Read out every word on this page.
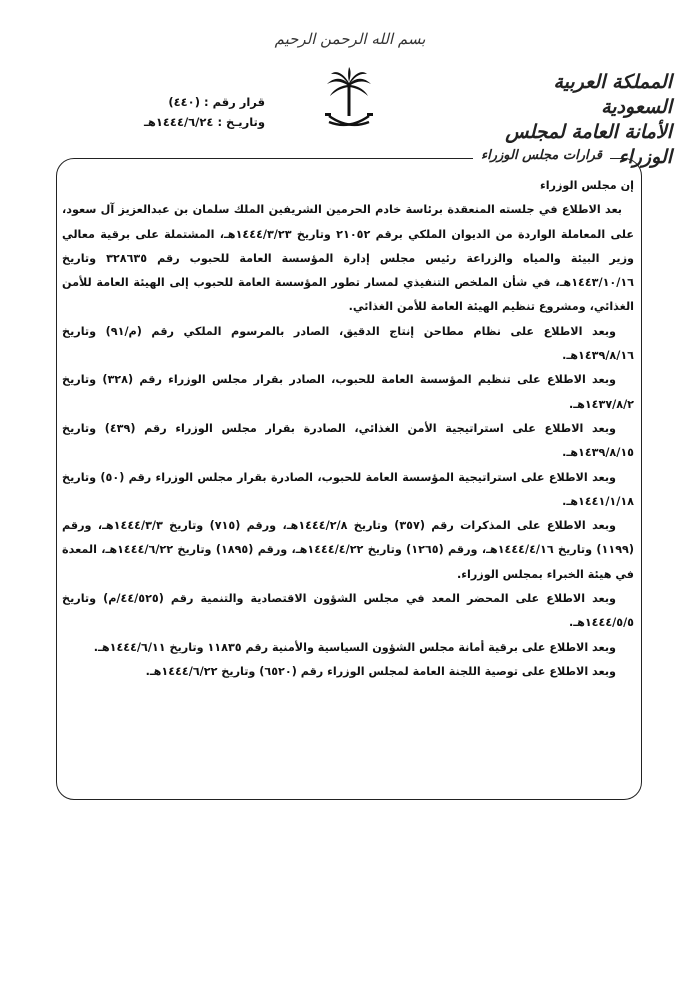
بسم الله الرحمن الرحيم
المملكة العربية السعودية
الأمانة العامة لمجلس الوزراء
قرار رقم : (٤٤٠)
وتاريـخ : ١٤٤٤/٦/٢٤هـ
قرارات مجلس الوزراء

إن مجلس الوزراء

بعد الاطلاع في جلسته المنعقدة برئاسة خادم الحرمين الشريفين الملك سلمان بن عبدالعزيز آل سعود، على المعاملة الواردة من الديوان الملكي برقم ٢١٠٥٢ وتاريخ ١٤٤٤/٣/٢٣هـ، المشتملة على برقية معالي وزير البيئة والمياه والزراعة رئيس مجلس إدارة المؤسسة العامة للحبوب رقم ٣٢٨٦٣٥ وتاريخ ١٤٤٣/١٠/١٦هـ، في شأن الملخص التنفيذي لمسار تطور المؤسسة العامة للحبوب إلى الهيئة العامة للأمن الغذائي، ومشروع تنظيم الهيئة العامة للأمن الغذائي.

وبعد الاطلاع على نظام مطاحن إنتاج الدقيق، الصادر بالمرسوم الملكي رقم (م/٩١) وتاريخ ١٤٣٩/٨/١٦هـ.

وبعد الاطلاع على تنظيم المؤسسة العامة للحبوب، الصادر بقرار مجلس الوزراء رقم (٣٢٨) وتاريخ ١٤٣٧/٨/٢هـ.

وبعد الاطلاع على استراتيجية الأمن الغذائي، الصادرة بقرار مجلس الوزراء رقم (٤٣٩) وتاريخ ١٤٣٩/٨/١٥هـ.

وبعد الاطلاع على استراتيجية المؤسسة العامة للحبوب، الصادرة بقرار مجلس الوزراء رقم (٥٠) وتاريخ ١٤٤١/١/١٨هـ.

وبعد الاطلاع على المذكرات رقم (٣٥٧) وتاريخ ١٤٤٤/٢/٨هـ، ورقم (٧١٥) وتاريخ ١٤٤٤/٣/٣هـ، ورقم (١١٩٩) وتاريخ ١٤٤٤/٤/١٦هـ، ورقم (١٢٦٥) وتاريخ ١٤٤٤/٤/٢٢هـ، ورقم (١٨٩٥) وتاريخ ١٤٤٤/٦/٢٢هـ، المعدة في هيئة الخبراء بمجلس الوزراء.

وبعد الاطلاع على المحضر المعد في مجلس الشؤون الاقتصادية والتنمية رقم (٤٤/٥٢٥/م) وتاريخ ١٤٤٤/٥/٥هـ.

وبعد الاطلاع على برقية أمانة مجلس الشؤون السياسية والأمنية رقم ١١٨٣٥ وتاريخ ١٤٤٤/٦/١١هـ.

وبعد الاطلاع على توصية اللجنة العامة لمجلس الوزراء رقم (٦٥٢٠) وتاريخ ١٤٤٤/٦/٢٢هـ.
